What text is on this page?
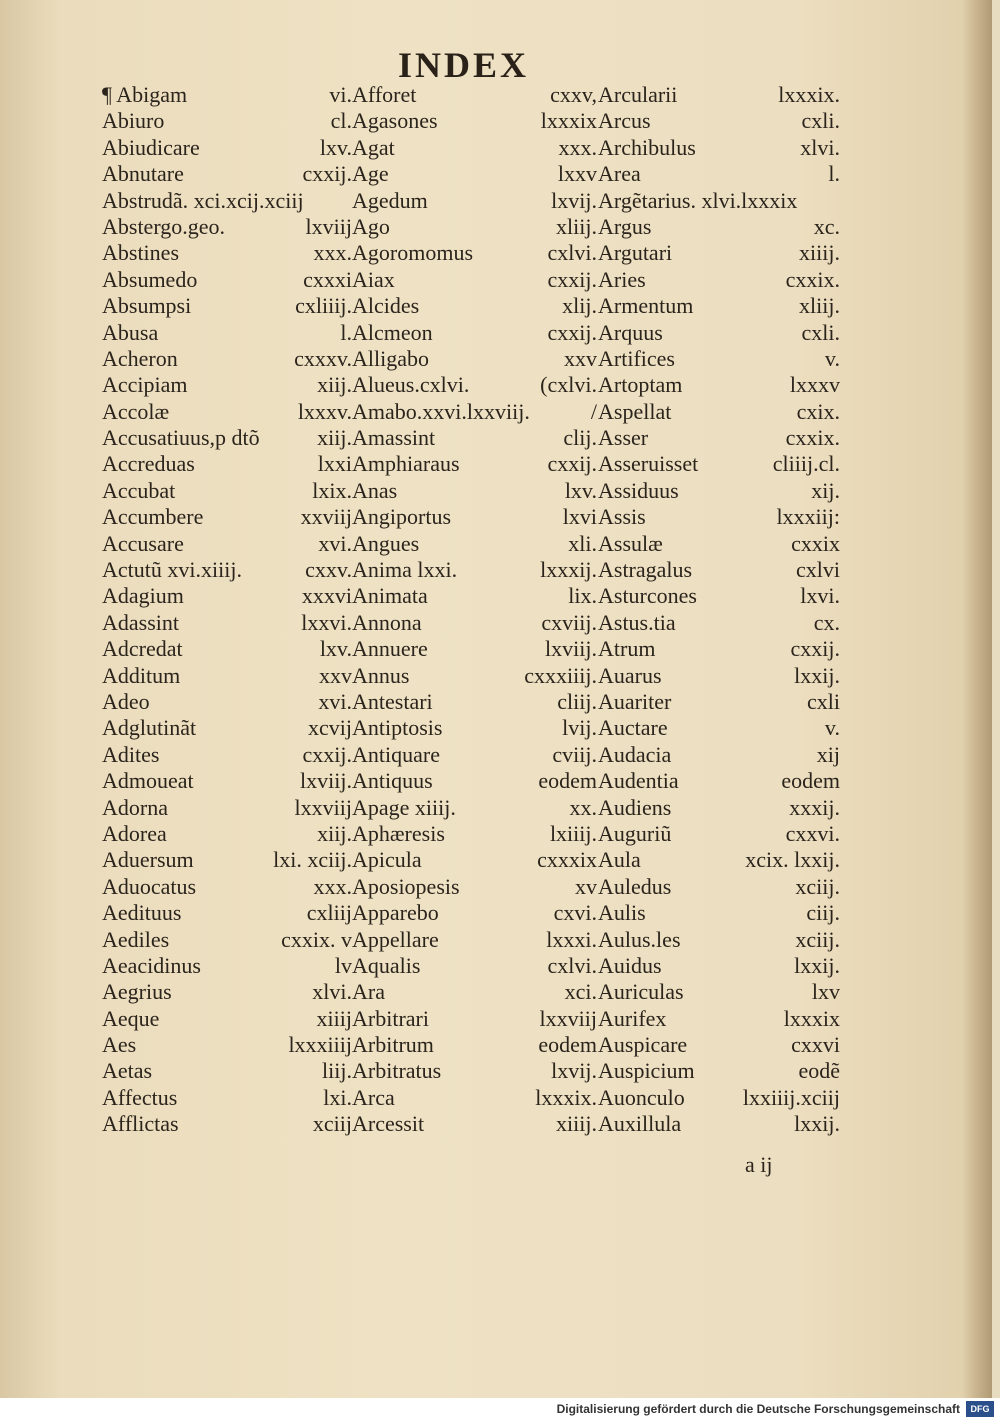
INDEX
¶ Abigam	vi.
Abiuro	cl.
Abiudicare	lxv.
Abnutare	cxxij.
Abstrudã. xci.xcij.xciij
Abstergo.geo.	lxviij
Abstines	xxx.
Absumedo	cxxxi
Absumpsi	cxliiij.
Abusa	l.
Acheron	cxxxv.
Accipiam	xiij.
Accolæ	lxxxv.
Accusatiuus,p dtõ	xiij.
Accreduas	lxxi
Accubat	lxix.
Accumbere	xxviij
Accusare	xvi.
Actutũ xvi.xiiij.	cxxv.
Adagium	xxxvi
Adassint	lxxvi.
Adcredat	lxv.
Additum	xxv
Adeo	xvi.
Adglutinãt	xcvij
Adites	cxxij.
Admoueat	lxviij.
Adorna	lxxviij
Adorea	xiij.
Aduersum	lxi. xciij.
Aduocatus	xxx.
Aedituus	cxliij
Aediles	cxxix. v
Aeacidinus	lv
Aegrius	xlvi.
Aeque	xiiij
Aes	lxxxiiij
Aetas	liij.
Affectus	lxi.
Afflictas	xciij
Afforet	cxxv,
Agasones	lxxxix
Agat	xxx.
Age	lxxv
Agedum	lxvij.
Ago	xliij.
Agoromomus	cxlvi.
Aiax	cxxij.
Alcides	xlij.
Alcmeon	cxxij.
Alligabo	xxv
Alueus.cxlvi.	(cxlvi.
Amabo.xxvi.lxxviij.	/
Amassint	clij.
Amphiaraus	cxxij.
Anas	lxv.
Angiportus	lxvi
Angues	xli.
Anima lxxi.	lxxxij.
Animata	lix.
Annona	cxviij.
Annuere	lxviij.
Annus	cxxxiiij.
Antestari	cliij.
Antiptosis	lvij.
Antiquare	cviij.
Antiquus	eodem
Apage xiiij.	xx.
Aphæresis	lxiiij.
Apicula	cxxxix
Aposiopesis	xv
Apparebo	cxvi.
Appellare	lxxxi.
Aqualis	cxlvi.
Ara	xci.
Arbitrari	lxxviij
Arbitrum	eodem
Arbitratus	lxvij.
Arca	lxxxix.
Arcessit	xiiij.
Arcularii	lxxxix.
Arcus	cxli.
Archibulus	xlvi.
Area	l.
Argẽtarius. xlvi.lxxxix
Argus	xc.
Argutari	xiiij.
Aries	cxxix.
Armentum	xliij.
Arquus	cxli.
Artifices	v.
Artoptam	lxxxv
Aspellat	cxix.
Asser	cxxix.
Asseruisset	cliiij.cl.
Assiduus	xij.
Assis	lxxxiij:
Assulæ	cxxix
Astragalus	cxlvi
Asturcones	lxvi.
Astus.tia	cx.
Atrum	cxxij.
Auarus	lxxij.
Auariter	cxli
Auctare	v.
Audacia	xij
Audentia	eodem
Audiens	xxxij.
Auguriũ	cxxvi.
Aula	xcix. lxxij.
Auledus	xciij.
Aulis	ciij.
Aulus.les	xciij.
Auidus	lxxij.
Auriculas	lxv
Aurifex	lxxxix
Auspicare	cxxvi
Auspicium	eodẽ
Auonculo	lxxiiij.xciij
Auxillula	lxxij.
a ij
Digitalisierung gefördert durch die Deutsche Forschungsgemeinschaft	DFG
